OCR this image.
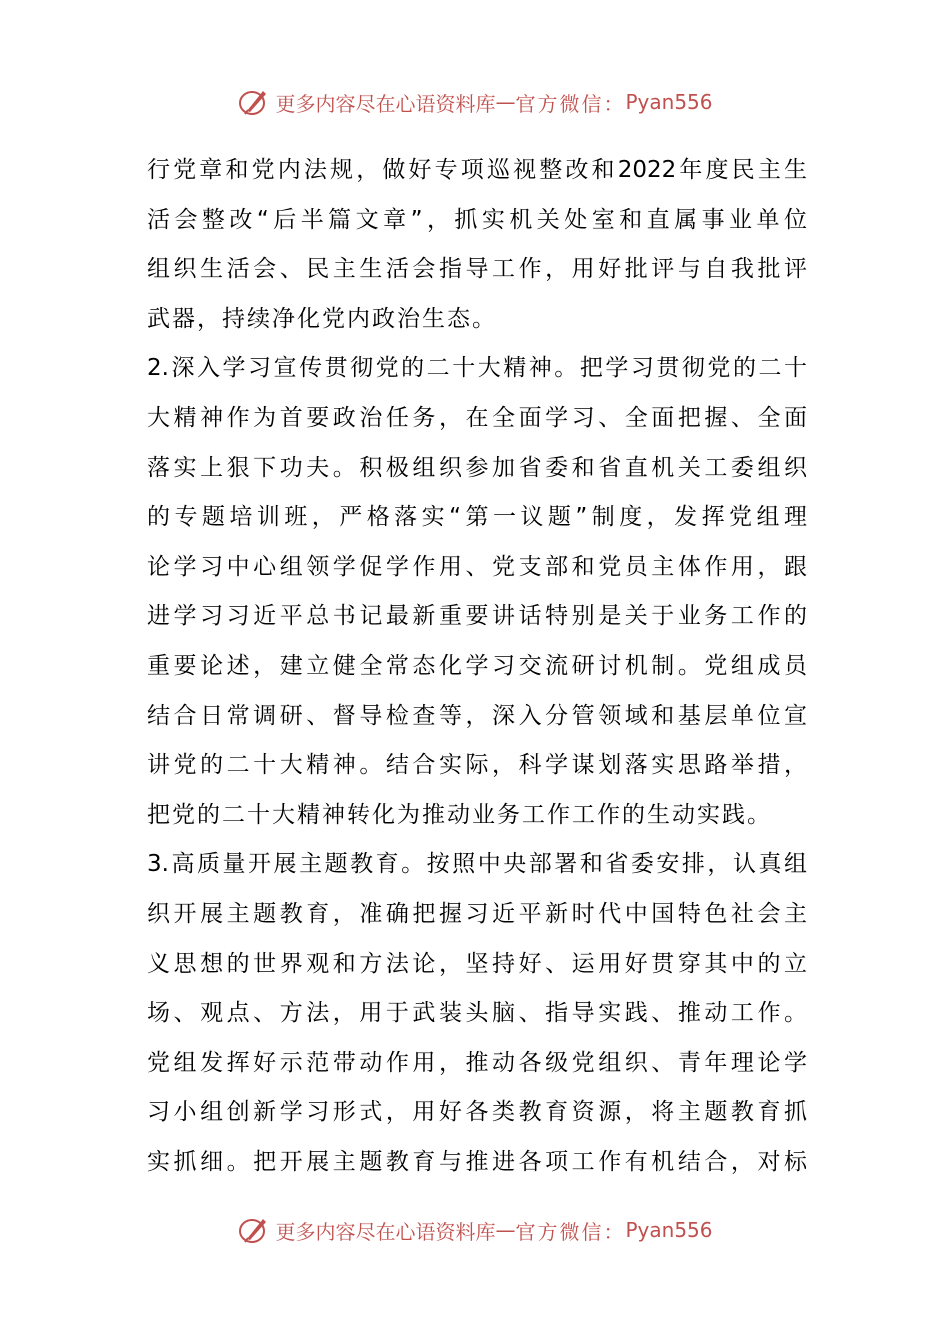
更多内容尽在心语资料库 — 官方微信： Pyan556
行党章和党内法规，做好专项巡视整改和2022年度民主生
活会整改“后半篇文章”，抓实机关处室和直属事业单位
组织生活会、民主生活会指导工作，用好批评与自我批评
武器，持续净化党内政治生态。
2.深入学习宣传贯彻党的二十大精神。把学习贯彻党的二十
大精神作为首要政治任务，在全面学习、全面把握、全面
落实上狠下功夫。积极组织参加省委和省直机关工委组织
的专题培训班，严格落实“第一议题”制度，发挥党组理
论学习中心组领学促学作用、党支部和党员主体作用，跟
进学习习近平总书记最新重要讲话特别是关于业务工作的
重要论述，建立健全常态化学习交流研讨机制。党组成员
结合日常调研、督导检查等，深入分管领域和基层单位宣
讲党的二十大精神。结合实际，科学谋划落实思路举措，
把党的二十大精神转化为推动业务工作工作的生动实践。
3.高质量开展主题教育。按照中央部署和省委安排，认真组
织开展主题教育，准确把握习近平新时代中国特色社会主
义思想的世界观和方法论，坚持好、运用好贯穿其中的立
场、观点、方法，用于武装头脑、指导实践、推动工作。
党组发挥好示范带动作用，推动各级党组织、青年理论学
习小组创新学习形式，用好各类教育资源，将主题教育抓
实抓细。把开展主题教育与推进各项工作有机结合，对标
更多内容尽在心语资料库 — 官方微信： Pyan556
